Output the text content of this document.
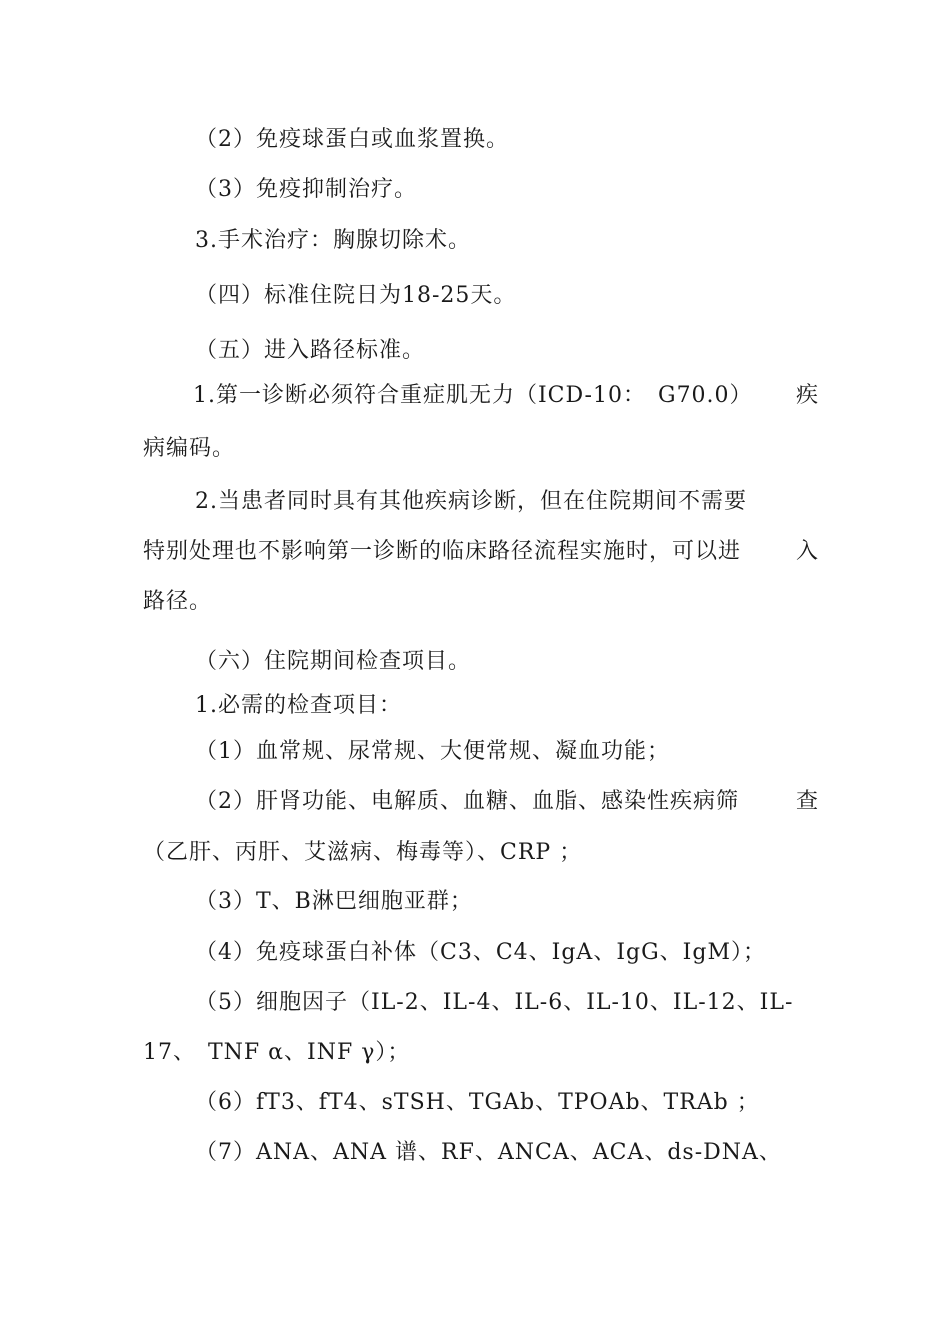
（2）免疫球蛋白或血浆置换。
（3）免疫抑制治疗。
3.手术治疗：胸腺切除术。
（四）标准住院日为18-25天。
（五）进入路径标准。
1.第一诊断必须符合重症肌无力（ICD-10：　G70.0） 疾
病编码。
2.当患者同时具有其他疾病诊断，但在住院期间不需要
特别处理也不影响第一诊断的临床路径流程实施时，可以进 入
路径。
（六）住院期间检查项目。
1.必需的检查项目：
（1）血常规、尿常规、大便常规、凝血功能；
（2）肝肾功能、电解质、血糖、血脂、感染性疾病筛	查
（乙肝、丙肝、艾滋病、梅毒等）、CRP ；
（3）T、B淋巴细胞亚群；
（4）免疫球蛋白补体（C3、C4、IgA、IgG、IgM）；
（5）细胞因子（IL-2、IL-4、IL-6、IL-10、IL-12、IL-
17、　TNF α、INF γ）；
（6）fT3、fT4、sTSH、TGAb、TPOAb、TRAb ；
（7）ANA、ANA 谱、RF、ANCA、ACA、ds-DNA、
